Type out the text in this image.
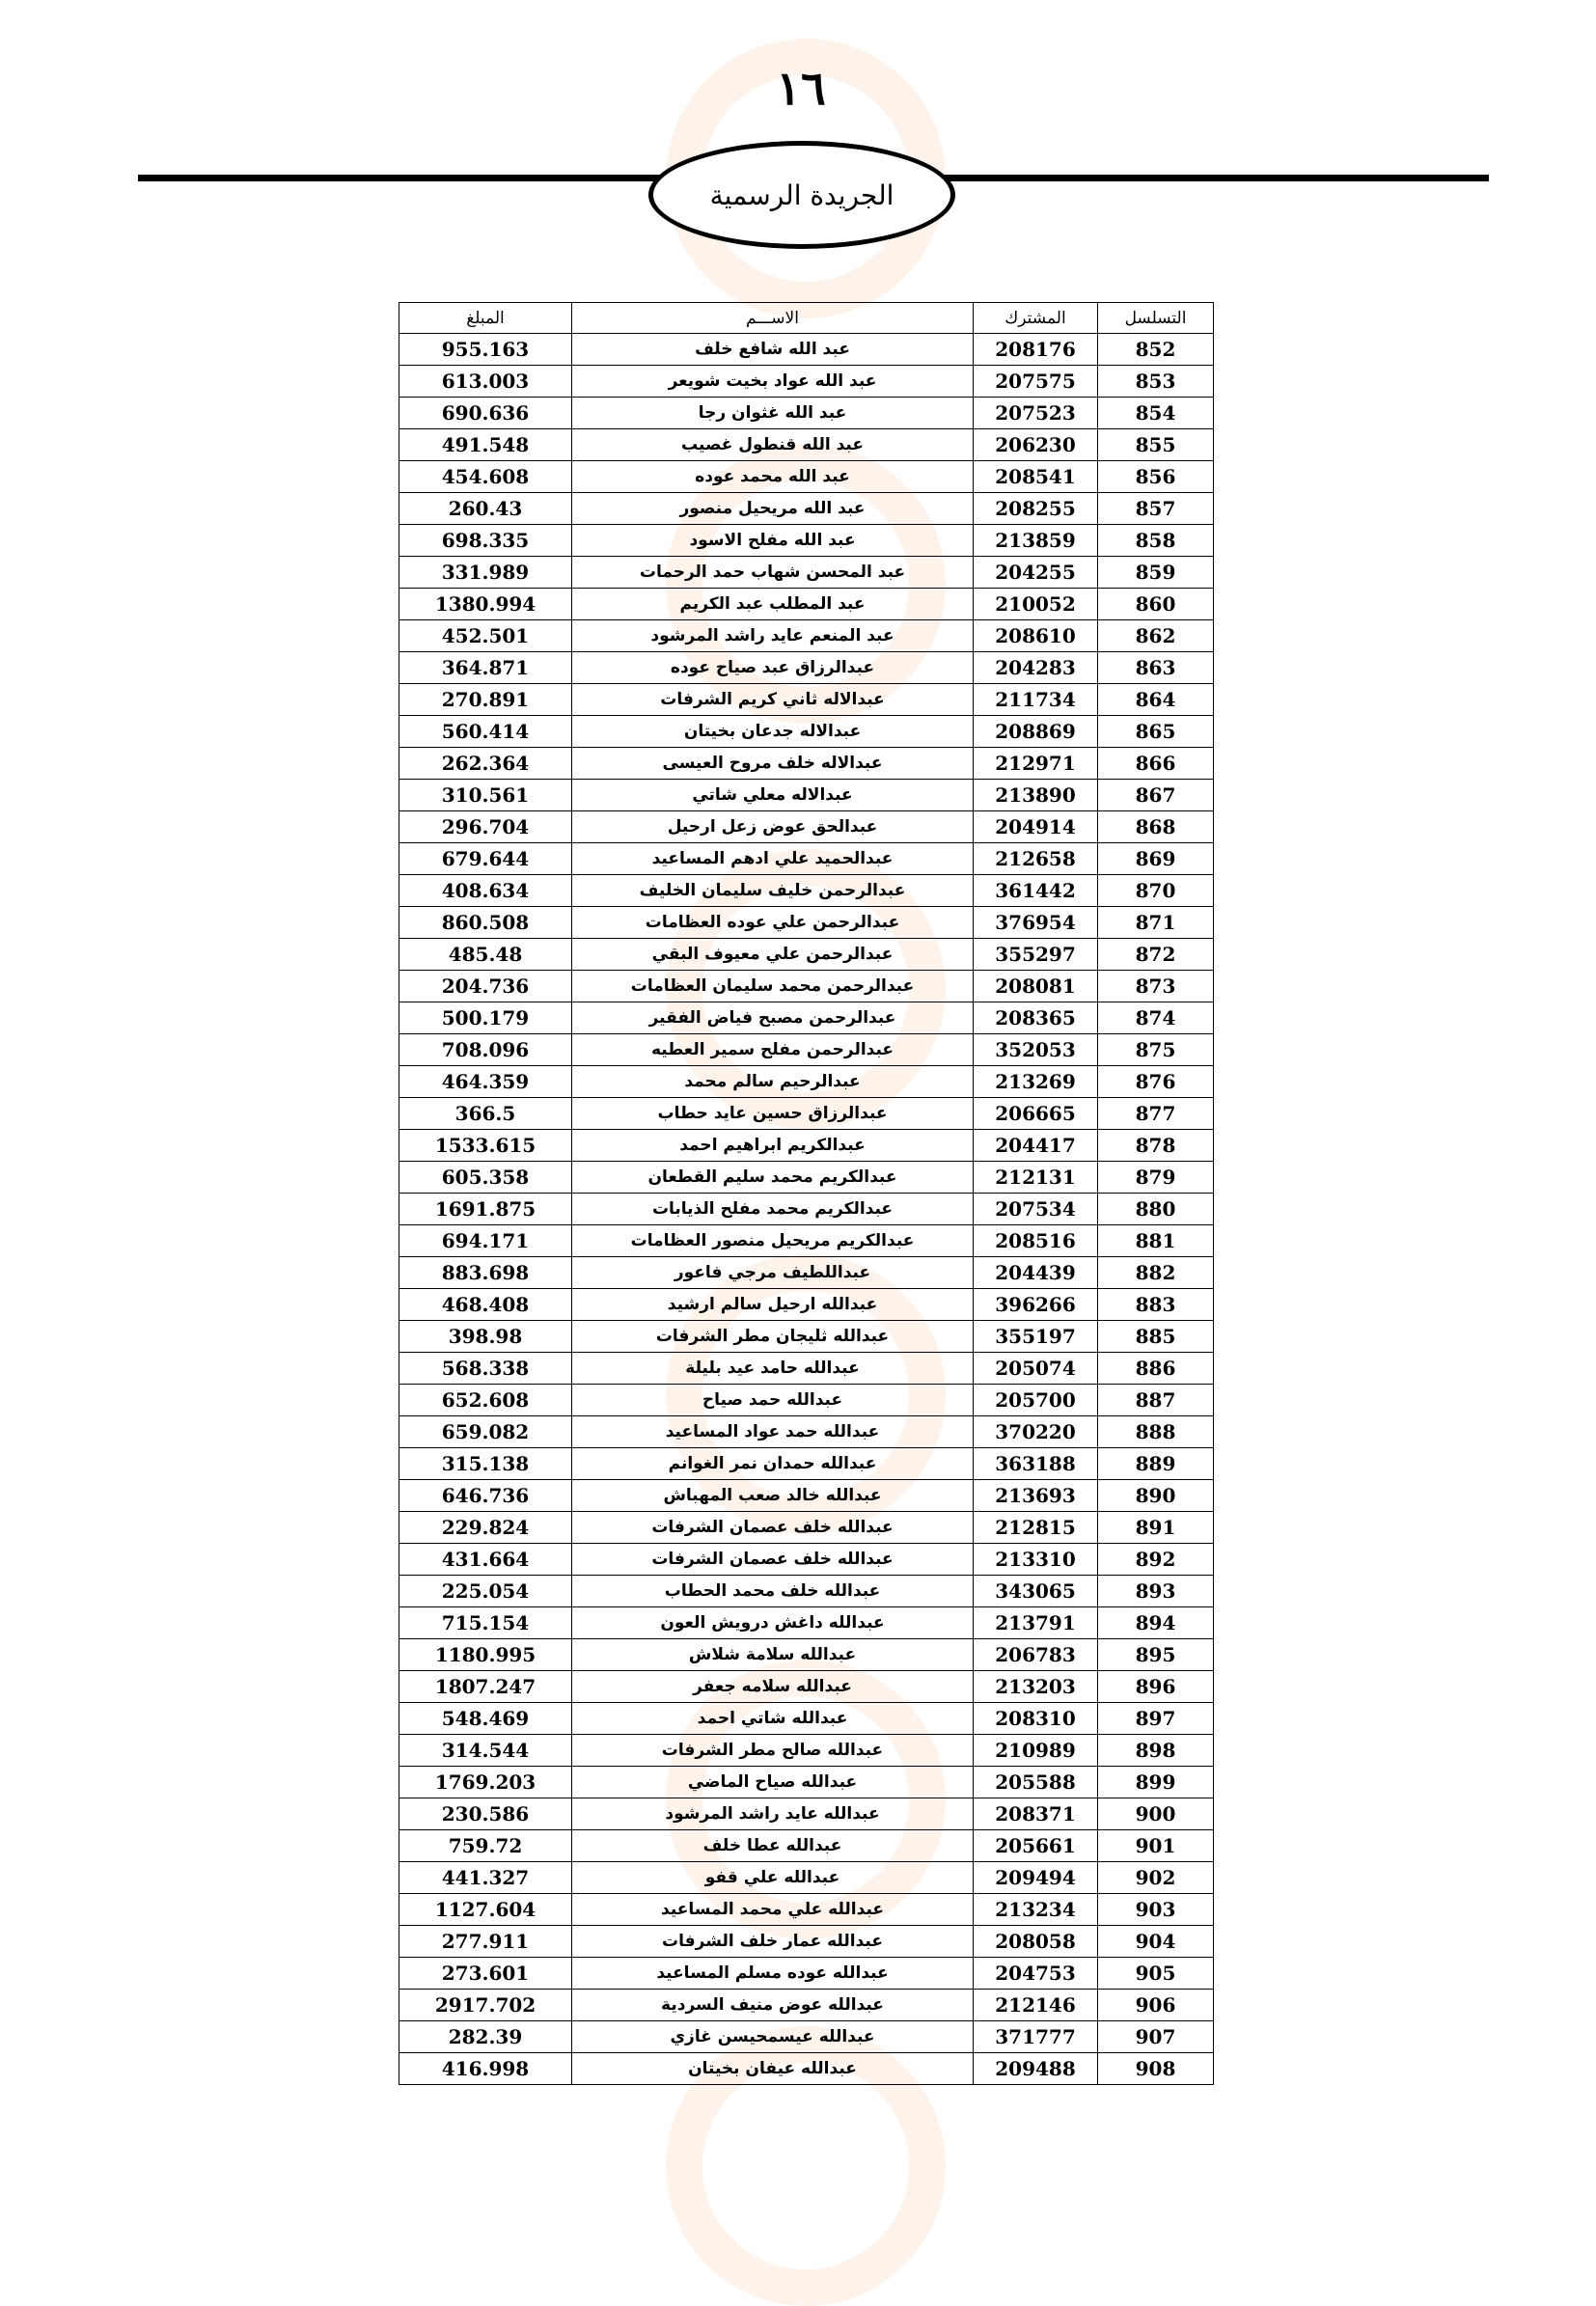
١٦
الجريدة الرسمية
التسلسل	المشترك	الاســـم	المبلغ
852	208176	عبد الله شافع خلف	955.163
853	207575	عبد الله عواد بخيت شويعر	613.003
854	207523	عبد الله غثوان رجا	690.636
855	206230	عبد الله قنطول غصيب	491.548
856	208541	عبد الله محمد عوده	454.608
857	208255	عبد الله مريحيل منصور	260.43
858	213859	عبد الله مفلح الاسود	698.335
859	204255	عبد المحسن شهاب حمد الرحمات	331.989
860	210052	عبد المطلب عبد الكريم	1380.994
862	208610	عبد المنعم عايد راشد المرشود	452.501
863	204283	عبدالرزاق عبد صياح عوده	364.871
864	211734	عبدالاله ثاني كريم الشرفات	270.891
865	208869	عبدالاله جدعان بخيتان	560.414
866	212971	عبدالاله خلف مروح العيسى	262.364
867	213890	عبدالاله معلي شاتي	310.561
868	204914	عبدالحق عوض زعل ارحيل	296.704
869	212658	عبدالحميد علي ادهم المساعيد	679.644
870	361442	عبدالرحمن خليف سليمان الخليف	408.634
871	376954	عبدالرحمن علي عوده العظامات	860.508
872	355297	عبدالرحمن علي معيوف البقي	485.48
873	208081	عبدالرحمن محمد سليمان العظامات	204.736
874	208365	عبدالرحمن مصبح فياض الفقير	500.179
875	352053	عبدالرحمن مفلح سمير العطيه	708.096
876	213269	عبدالرحيم سالم محمد	464.359
877	206665	عبدالرزاق حسين عايد حطاب	366.5
878	204417	عبدالكريم ابراهيم احمد	1533.615
879	212131	عبدالكريم محمد سليم القطعان	605.358
880	207534	عبدالكريم محمد مفلح الذيابات	1691.875
881	208516	عبدالكريم مريحيل منصور العظامات	694.171
882	204439	عبداللطيف مرجي فاعور	883.698
883	396266	عبدالله ارحيل سالم ارشيد	468.408
885	355197	عبدالله ثليجان مطر الشرفات	398.98
886	205074	عبدالله حامد عيد بليلة	568.338
887	205700	عبدالله حمد صياح	652.608
888	370220	عبدالله حمد عواد المساعيد	659.082
889	363188	عبدالله حمدان نمر الغوانم	315.138
890	213693	عبدالله خالد صعب المهباش	646.736
891	212815	عبدالله خلف عصمان الشرفات	229.824
892	213310	عبدالله خلف عصمان الشرفات	431.664
893	343065	عبدالله خلف محمد الحطاب	225.054
894	213791	عبدالله داغش درويش العون	715.154
895	206783	عبدالله سلامة شلاش	1180.995
896	213203	عبدالله سلامه جعفر	1807.247
897	208310	عبدالله شاتي احمد	548.469
898	210989	عبدالله صالح مطر الشرفات	314.544
899	205588	عبدالله صياح الماضي	1769.203
900	208371	عبدالله عايد راشد المرشود	230.586
901	205661	عبدالله عطا خلف	759.72
902	209494	عبدالله علي قفو	441.327
903	213234	عبدالله علي محمد المساعيد	1127.604
904	208058	عبدالله عمار خلف الشرفات	277.911
905	204753	عبدالله عوده مسلم المساعيد	273.601
906	212146	عبدالله عوض منيف السردية	2917.702
907	371777	عبدالله عيسمحيسن غازي	282.39
908	209488	عبدالله عيفان بخيتان	416.998
